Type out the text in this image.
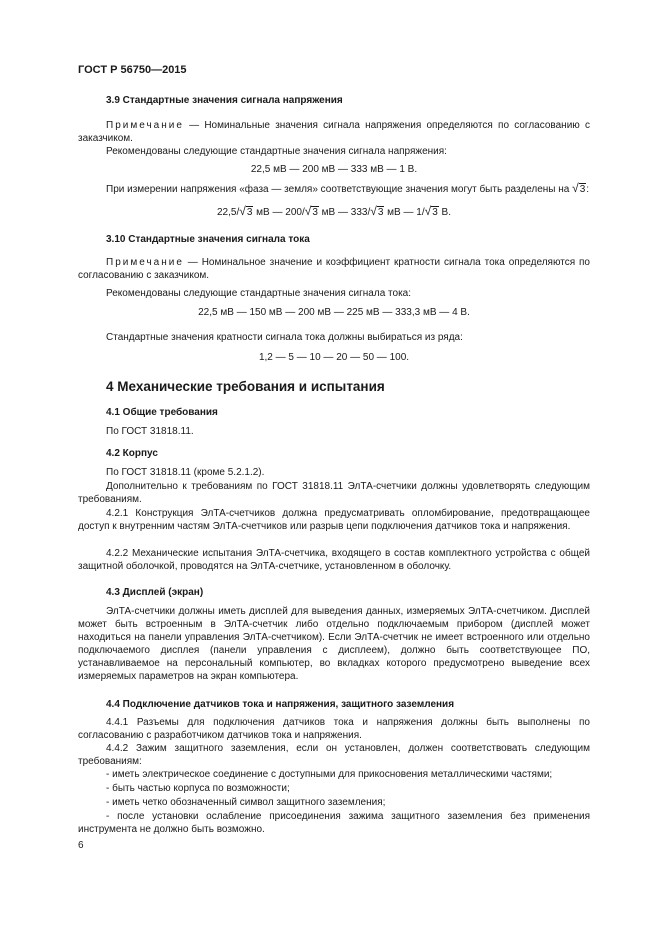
ГОСТ Р 56750—2015
3.9 Стандартные значения сигнала напряжения

Примечание — Номинальные значения сигнала напряжения определяются по согласованию с заказчиком.

Рекомендованы следующие стандартные значения сигнала напряжения:

22,5 мВ — 200 мВ — 333 мВ — 1 В.

При измерении напряжения «фаза — земля» соответствующие значения могут быть разделены на √3:

22,5/√3 мВ — 200/√3 мВ — 333/√3 мВ — 1/√3 В.

3.10 Стандартные значения сигнала тока

Примечание — Номинальное значение и коэффициент кратности сигнала тока определяются по согласованию с заказчиком.

Рекомендованы следующие стандартные значения сигнала тока:

22,5 мВ — 150 мВ — 200 мВ — 225 мВ — 333,3 мВ — 4 В.

Стандартные значения кратности сигнала тока должны выбираться из ряда:

1,2 — 5 — 10 — 20 — 50 — 100.

4 Механические требования и испытания
4.1 Общие требования

По ГОСТ 31818.11.

4.2 Корпус

По ГОСТ 31818.11 (кроме 5.2.1.2).

Дополнительно к требованиям по ГОСТ 31818.11 ЭлТА-счетчики должны удовлетворять следующим требованиям.

4.2.1 Конструкция ЭлТА-счетчиков должна предусматривать опломбирование, предотвращающее доступ к внутренним частям ЭлТА-счетчиков или разрыв цепи подключения датчиков тока и напряжения.

4.2.2 Механические испытания ЭлТА-счетчика, входящего в состав комплектного устройства с общей защитной оболочкой, проводятся на ЭлТА-счетчике, установленном в оболочку.

4.3 Дисплей (экран)

ЭлТА-счетчики должны иметь дисплей для выведения данных, измеряемых ЭлТА-счетчиком. Дисплей может быть встроенным в ЭлТА-счетчик либо отдельно подключаемым прибором (дисплей может находиться на панели управления ЭлТА-счетчиком). Если ЭлТА-счетчик не имеет встроенного или отдельно подключаемого дисплея (панели управления с дисплеем), должно быть соответствующее ПО, устанавливаемое на персональный компьютер, во вкладках которого предусмотрено выведение всех измеряемых параметров на экран компьютера.

4.4 Подключение датчиков тока и напряжения, защитного заземления

4.4.1 Разъемы для подключения датчиков тока и напряжения должны быть выполнены по согласованию с разработчиком датчиков тока и напряжения.

4.4.2 Зажим защитного заземления, если он установлен, должен соответствовать следующим требованиям:

- иметь электрическое соединение с доступными для прикосновения металлическими частями;

- быть частью корпуса по возможности;

- иметь четко обозначенный символ защитного заземления;

- после установки ослабление присоединения зажима защитного заземления без применения инструмента не должно быть возможно.

6
